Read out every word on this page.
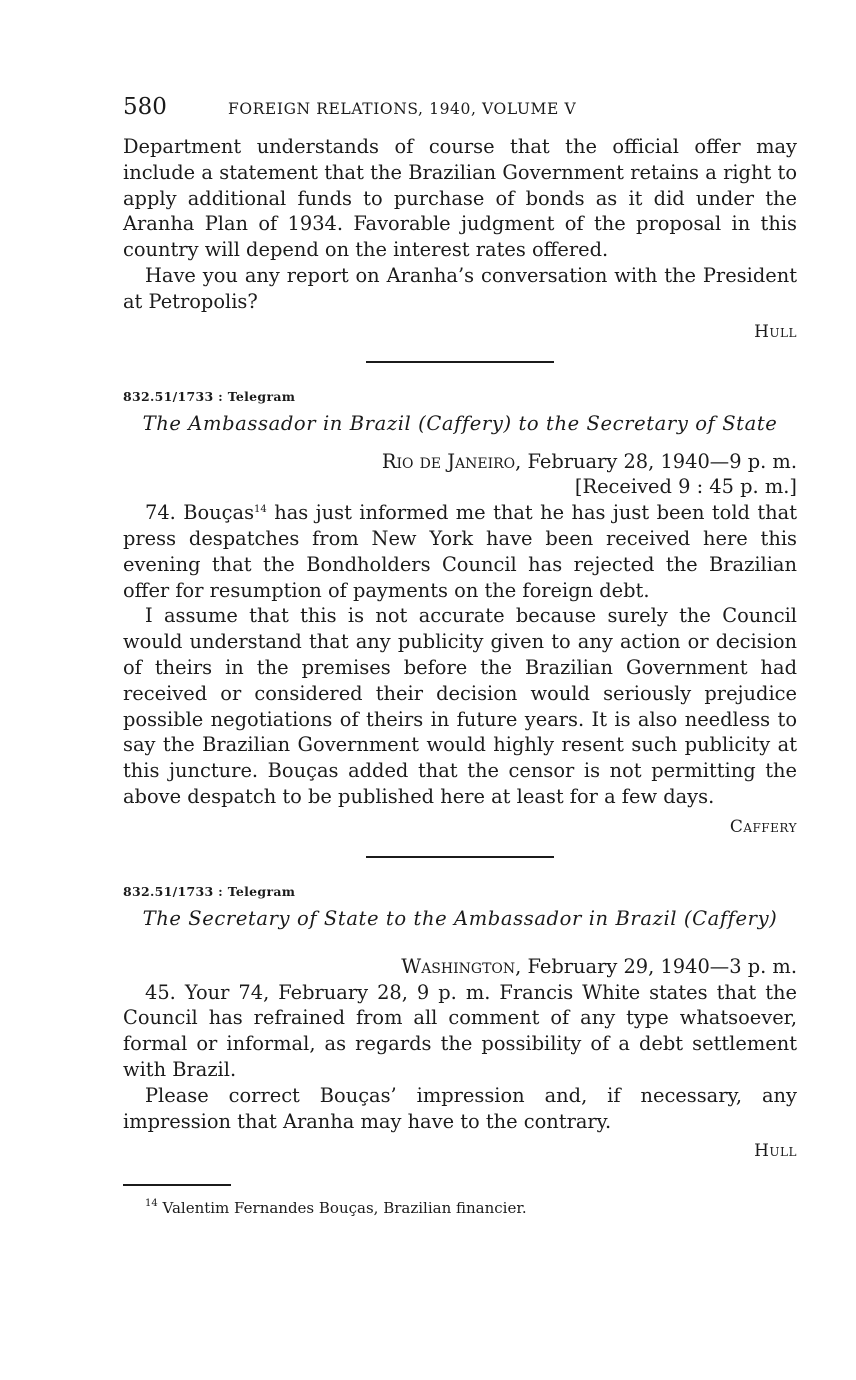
580	FOREIGN RELATIONS, 1940, VOLUME V

Department understands of course that the official offer may include a statement that the Brazilian Government retains a right to apply additional funds to purchase of bonds as it did under the Aranha Plan of 1934. Favorable judgment of the proposal in this country will depend on the interest rates offered.

Have you any report on Aranha’s conversation with the President at Petropolis?

Hull
832.51/1733 : Telegram
The Ambassador in Brazil (Caffery) to the Secretary of State
Rio de Janeiro, February 28, 1940—9 p. m.
[Received 9 : 45 p. m.]

74. Bouças$^{14}$ has just informed me that he has just been told that press despatches from New York have been received here this evening that the Bondholders Council has rejected the Brazilian offer for resumption of payments on the foreign debt.

I assume that this is not accurate because surely the Council would understand that any publicity given to any action or decision of theirs in the premises before the Brazilian Government had received or considered their decision would seriously prejudice possible negotiations of theirs in future years. It is also needless to say the Brazilian Government would highly resent such publicity at this juncture. Bouças added that the censor is not permitting the above despatch to be published here at least for a few days.

Caffery
832.51/1733 : Telegram
The Secretary of State to the Ambassador in Brazil (Caffery)
Washington, February 29, 1940—3 p. m.

45. Your 74, February 28, 9 p. m. Francis White states that the Council has refrained from all comment of any type whatsoever, formal or informal, as regards the possibility of a debt settlement with Brazil.

Please correct Bouças’ impression and, if necessary, any impression that Aranha may have to the contrary.

Hull
$^{14}$ Valentim Fernandes Bouças, Brazilian financier.
